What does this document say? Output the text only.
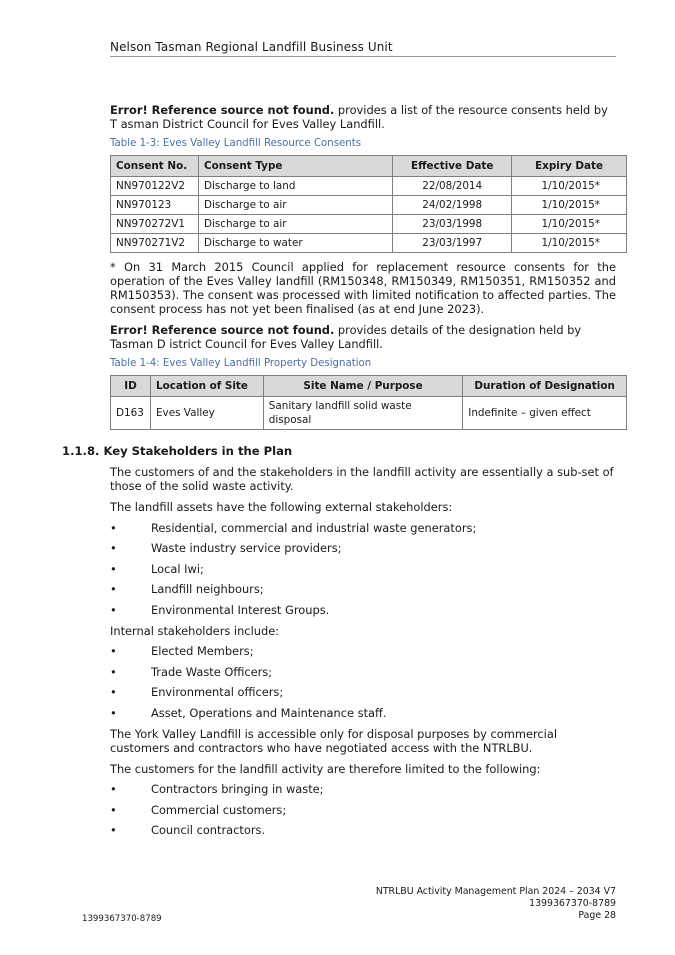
Nelson Tasman Regional Landfill Business Unit

Error! Reference source not found. provides a list of the resource consents held by T asman District Council for Eves Valley Landfill.

Table 1-3: Eves Valley Landfill Resource Consents
Consent No.	Consent Type	Effective Date	Expiry Date
NN970122V2	Discharge to land	22/08/2014	1/10/2015*
NN970123	Discharge to air	24/02/1998	1/10/2015*
NN970272V1	Discharge to air	23/03/1998	1/10/2015*
NN970271V2	Discharge to water	23/03/1997	1/10/2015*

* On 31 March 2015 Council applied for replacement resource consents for the operation of the Eves Valley landfill (RM150348, RM150349, RM150351, RM150352 and RM150353). The consent was processed with limited notification to affected parties. The consent process has not yet been finalised (as at end June 2023).

Error! Reference source not found. provides details of the designation held by Tasman D istrict Council for Eves Valley Landfill.

Table 1-4: Eves Valley Landfill Property Designation
ID	Location of Site	Site Name / Purpose	Duration of Designation
D163	Eves Valley	Sanitary landfill solid waste disposal	Indefinite – given effect
1.1.8. Key Stakeholders in the Plan

The customers of and the stakeholders in the landfill activity are essentially a sub-set of those of the solid waste activity.

The landfill assets have the following external stakeholders:

•	Residential, commercial and industrial waste generators;
•	Waste industry service providers;
•	Local Iwi;
•	Landfill neighbours;
•	Environmental Interest Groups.

Internal stakeholders include:

•	Elected Members;
•	Trade Waste Officers;
•	Environmental officers;
•	Asset, Operations and Maintenance staff.

The York Valley Landfill is accessible only for disposal purposes by commercial customers and contractors who have negotiated access with the NTRLBU.

The customers for the landfill activity are therefore limited to the following:

•	Contractors bringing in waste;
•	Commercial customers;
•	Council contractors.
NTRLBU Activity Management Plan 2024 – 2034 V7
1399367370-8789
Page 28
1399367370-8789
